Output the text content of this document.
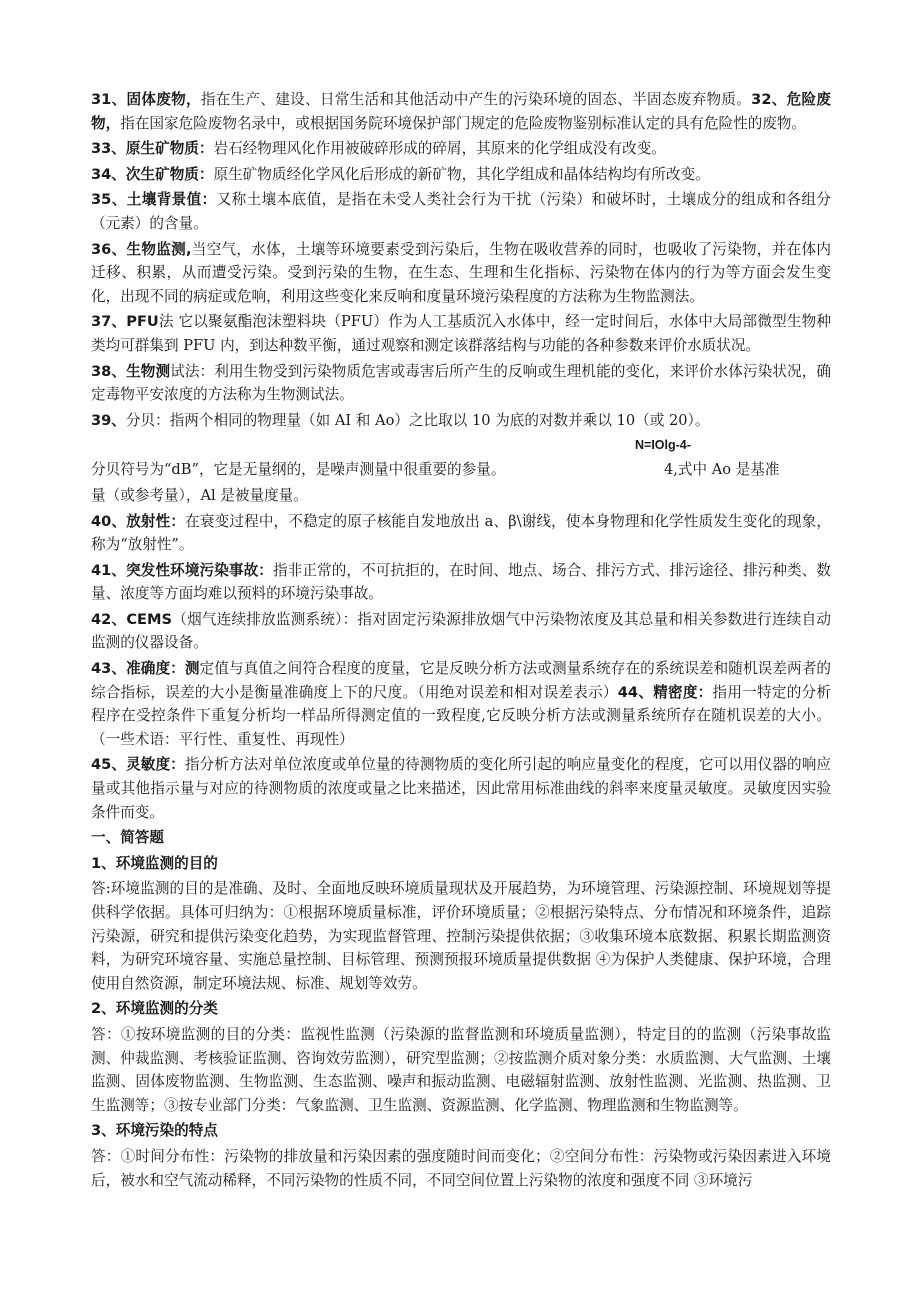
31、固体废物，指在生产、建设、日常生活和其他活动中产生的污染环境的固态、半固态废弃物质。32、危险废物，指在国家危险废物名录中，或根据国务院环境保护部门规定的危险废物鉴别标准认定的具有危险性的废物。

33、原生矿物质：岩石经物理风化作用被破碎形成的碎屑，其原来的化学组成没有改变。

34、次生矿物质：原生矿物质经化学风化后形成的新矿物，其化学组成和晶体结构均有所改变。

35、土壤背景值：又称土壤本底值，是指在未受人类社会行为干扰（污染）和破坏时，土壤成分的组成和各组分（元素）的含量。

36、生物监测,当空气，水体，土壤等环境要素受到污染后，生物在吸收营养的同时，也吸收了污染物，并在体内迁移、积累，从而遭受污染。受到污染的生物，在生态、生理和生化指标、污染物在体内的行为等方面会发生变化，出现不同的病症或危响，利用这些变化来反响和度量环境污染程度的方法称为生物监测法。

37、PFU法 它以聚氨酯泡沫塑料块（PFU）作为人工基质沉入水体中，经一定时间后，水体中大局部微型生物种类均可群集到 PFU 内，到达种数平衡，通过观察和测定该群落结构与功能的各种参数来评价水质状况。

38、生物测试法：利用生物受到污染物质危害或毒害后所产生的反响或生理机能的变化，来评价水体污染状况，确定毒物平安浓度的方法称为生物测试法。

39、分贝：指两个相同的物理量（如 AI 和 Ao）之比取以 10 为底的对数并乘以 10（或 20）。

N=IOlg-4-

分贝符号为“dB”，它是无量纲的，是噪声测量中很重要的参量。	4,式中 Ao 是基准

量（或参考量），Al 是被量度量。

40、放射性：在衰变过程中，不稳定的原子核能自发地放出 a、β\谢线，使本身物理和化学性质发生变化的现象，称为“放射性”。

41、突发性环境污染事故：指非正常的，不可抗拒的，在时间、地点、场合、排污方式、排污途径、排污种类、数量、浓度等方面均难以预料的环境污染事故。

42、CEMS（烟气连续排放监测系统）：指对固定污染源排放烟气中污染物浓度及其总量和相关参数进行连续自动监测的仪器设备。

43、准确度：测定值与真值之间符合程度的度量，它是反映分析方法或测量系统存在的系统误差和随机误差两者的综合指标，误差的大小是衡量准确度上下的尺度。（用绝对误差和相对误差表示）44、精密度：指用一特定的分析程序在受控条件下重复分析均一样品所得测定值的一致程度,它反映分析方法或测量系统所存在随机误差的大小。（一些术语：平行性、重复性、再现性）

45、灵敏度：指分析方法对单位浓度或单位量的待测物质的变化所引起的响应量变化的程度，它可以用仪器的响应量或其他指示量与对应的待测物质的浓度或量之比来描述，因此常用标准曲线的斜率来度量灵敏度。灵敏度因实验条件而变。

一、简答题

1、环境监测的目的

答:环境监测的目的是准确、及时、全面地反映环境质量现状及开展趋势，为环境管理、污染源控制、环境规划等提供科学依据。具体可归纳为：①根据环境质量标准，评价环境质量；②根据污染特点、分布情况和环境条件，追踪污染源，研究和提供污染变化趋势，为实现监督管理、控制污染提供依据；③收集环境本底数据、积累长期监测资料，为研究环境容量、实施总量控制、目标管理、预测预报环境质量提供数据 ④为保护人类健康、保护环境，合理使用自然资源，制定环境法规、标准、规划等效劳。

2、环境监测的分类

答：①按环境监测的目的分类：监视性监测（污染源的监督监测和环境质量监测），特定目的的监测（污染事故监测、仲裁监测、考核验证监测、咨询效劳监测），研究型监测；②按监测介质对象分类：水质监测、大气监测、土壤监测、固体废物监测、生物监测、生态监测、噪声和振动监测、电磁辐射监测、放射性监测、光监测、热监测、卫生监测等；③按专业部门分类：气象监测、卫生监测、资源监测、化学监测、物理监测和生物监测等。

3、环境污染的特点

答：①时间分布性：污染物的排放量和污染因素的强度随时间而变化；②空间分布性：污染物或污染因素进入环境后，被水和空气流动稀释，不同污染物的性质不同，不同空间位置上污染物的浓度和强度不同 ③环境污
